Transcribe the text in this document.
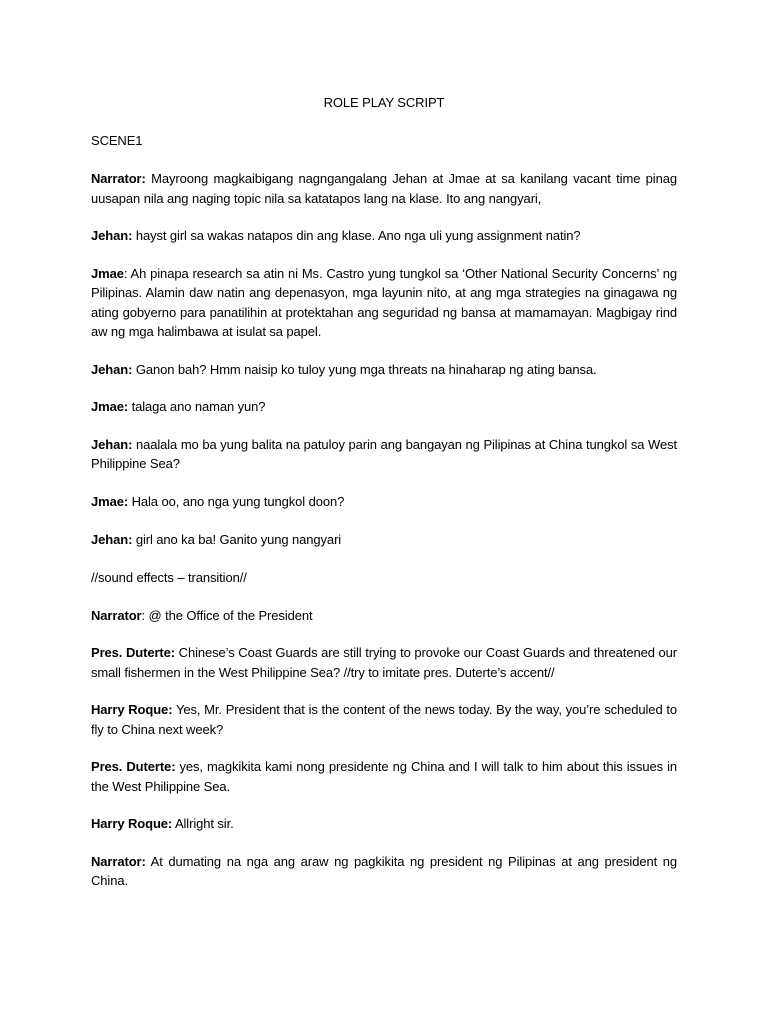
ROLE PLAY SCRIPT
SCENE1
Narrator: Mayroong magkaibigang nagngangalang Jehan at Jmae at sa kanilang vacant time pinag uusapan nila ang naging topic nila sa katatapos lang na klase. Ito ang nangyari,
Jehan: hayst girl sa wakas natapos din ang klase. Ano nga uli yung assignment natin?
Jmae: Ah pinapa research sa atin ni Ms. Castro yung tungkol sa ‘Other National Security Concerns’ ng Pilipinas. Alamin daw natin ang depenasyon, mga layunin nito, at ang mga strategies na ginagawa ng ating gobyerno para panatilihin at protektahan ang seguridad ng bansa at mamamayan. Magbigay rind aw ng mga halimbawa at isulat sa papel.
Jehan: Ganon bah? Hmm naisip ko tuloy yung mga threats na hinaharap ng ating bansa.
Jmae: talaga ano naman yun?
Jehan: naalala mo ba yung balita na patuloy parin ang bangayan ng Pilipinas at China tungkol sa West Philippine Sea?
Jmae: Hala oo, ano nga yung tungkol doon?
Jehan: girl ano ka ba! Ganito yung nangyari
//sound effects – transition//
Narrator: @ the Office of the President
Pres. Duterte: Chinese’s Coast Guards are still trying to provoke our Coast Guards and threatened our small fishermen in the West Philippine Sea? //try to imitate pres. Duterte’s accent//
Harry Roque: Yes, Mr. President that is the content of the news today. By the way, you’re scheduled to fly to China next week?
Pres. Duterte: yes, magkikita kami nong presidente ng China and I will talk to him about this issues in the West Philippine Sea.
Harry Roque: Allright sir.
Narrator: At dumating na nga ang araw ng pagkikita ng president ng Pilipinas at ang president ng China.
